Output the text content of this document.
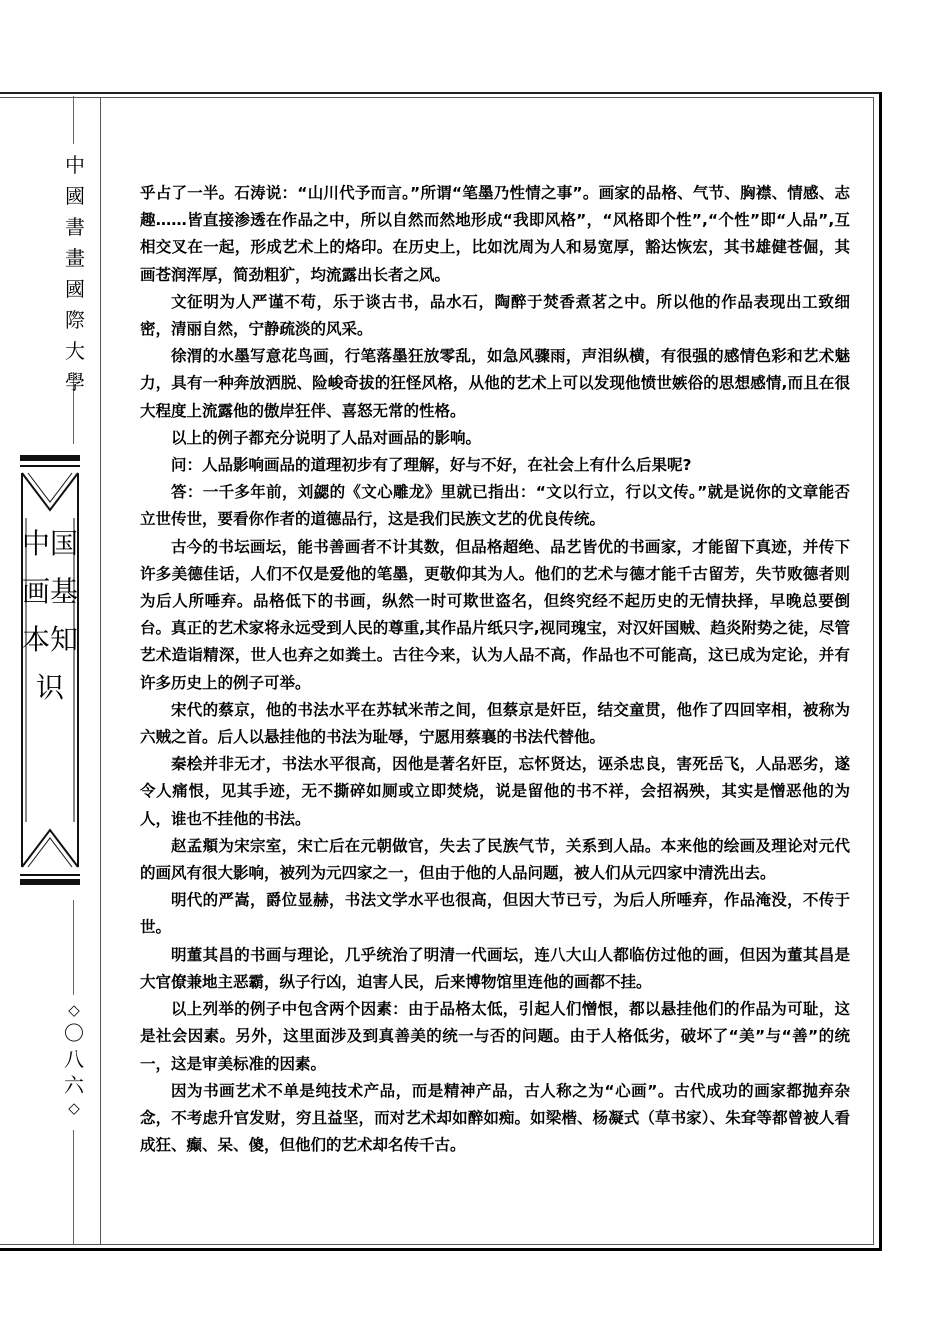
中國書畫國際大學
中国画基本知识
◇
〇八六
◇

乎占了一半。石涛说：“山川代予而言。”所谓“笔墨乃性情之事”。画家的品格、气节、胸襟、情感、志趣……皆直接渗透在作品之中，所以自然而然地形成“我即风格”，“风格即个性”,“个性”即“人品”,互相交叉在一起，形成艺术上的烙印。在历史上，比如沈周为人和易宽厚，豁达恢宏，其书雄健苍倔，其画苍润浑厚，简劲粗犷，均流露出长者之风。

文征明为人严谨不苟，乐于谈古书，品水石，陶醉于焚香煮茗之中。所以他的作品表现出工致细密，清丽自然，宁静疏淡的风采。

徐渭的水墨写意花鸟画，行笔落墨狂放零乱，如急风骤雨，声泪纵横，有很强的感情色彩和艺术魅力，具有一种奔放洒脱、险峻奇拔的狂怪风格，从他的艺术上可以发现他愤世嫉俗的思想感情,而且在很大程度上流露他的傲岸狂伴、喜怒无常的性格。

以上的例子都充分说明了人品对画品的影响。

问：人品影响画品的道理初步有了理解，好与不好，在社会上有什么后果呢?

答：一千多年前，刘勰的《文心雕龙》里就已指出：“文以行立，行以文传。”就是说你的文章能否立世传世，要看你作者的道德品行，这是我们民族文艺的优良传统。

古今的书坛画坛，能书善画者不计其数，但品格超绝、品艺皆优的书画家，才能留下真迹，并传下许多美德佳话，人们不仅是爱他的笔墨，更敬仰其为人。他们的艺术与德才能千古留芳，失节败德者则为后人所唾弃。品格低下的书画，纵然一时可欺世盗名，但终究经不起历史的无情抉择，早晚总要倒台。真正的艺术家将永远受到人民的尊重,其作品片纸只字,视同瑰宝，对汉奸国贼、趋炎附势之徒，尽管艺术造诣精深，世人也弃之如粪土。古往今来，认为人品不高，作品也不可能高，这已成为定论，并有许多历史上的例子可举。

宋代的蔡京，他的书法水平在苏轼米芾之间，但蔡京是奸臣，结交童贯，他作了四回宰相，被称为六贼之首。后人以悬挂他的书法为耻辱，宁愿用蔡襄的书法代替他。

秦桧并非无才，书法水平很高，因他是著名奸臣，忘怀贤达，诬杀忠良，害死岳飞，人品恶劣，遂令人痛恨，见其手迹，无不撕碎如厕或立即焚烧，说是留他的书不祥，会招祸殃，其实是憎恶他的为人，谁也不挂他的书法。

赵孟頫为宋宗室，宋亡后在元朝做官，失去了民族气节，关系到人品。本来他的绘画及理论对元代的画风有很大影响，被列为元四家之一，但由于他的人品问题，被人们从元四家中清洗出去。

明代的严嵩，爵位显赫，书法文学水平也很高，但因大节已亏，为后人所唾弃，作品淹没，不传于世。

明董其昌的书画与理论，几乎统治了明清一代画坛，连八大山人都临仿过他的画，但因为董其昌是大官僚兼地主恶霸，纵子行凶，迫害人民，后来博物馆里连他的画都不挂。

以上列举的例子中包含两个因素：由于品格太低，引起人们憎恨，都以悬挂他们的作品为可耻，这是社会因素。另外，这里面涉及到真善美的统一与否的问题。由于人格低劣，破坏了“美”与“善”的统一，这是审美标准的因素。

因为书画艺术不单是纯技术产品，而是精神产品，古人称之为“心画”。古代成功的画家都抛弃杂念，不考虑升官发财，穷且益坚，而对艺术却如醉如痴。如梁楷、杨凝式（草书家）、朱耷等都曾被人看成狂、癫、呆、傻，但他们的艺术却名传千古。
